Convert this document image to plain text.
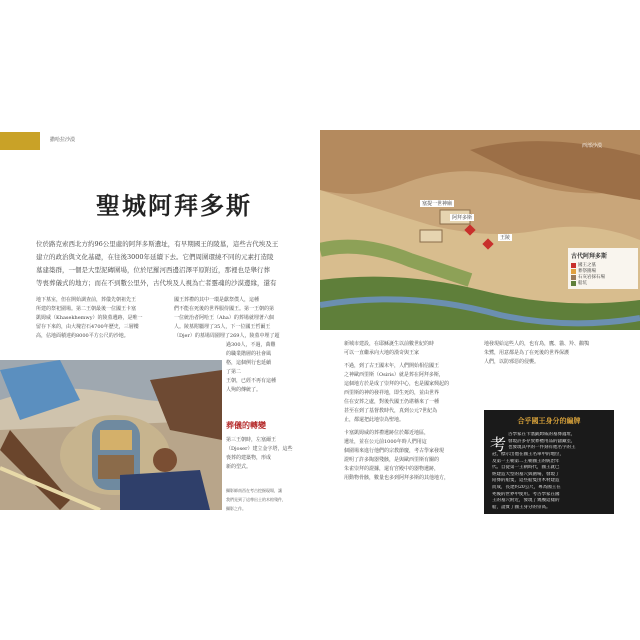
撒哈拉沙漠
聖城阿拜多斯
位於路克索西北方約96公里處的阿拜多斯遺址，有早期國王的陵墓，這些古代埃及王
建立的政治與文化基礎，在往後3000年延續下去。它們周圍環繞不同的元素打造陵
墓建築群，一個是大型泥磚圍場，位於尼羅河西邊沼澤平原附近，那裡也是舉行葬
等喪葬儀式的地方；而在不到數公里外，古代埃及人視為亡者靈魂的沙漠邊緣，還有
地下墓室，但在開始調查前，葬儀先朝祖先王
所建的祭祀圍場。第二王朝最後一位國王卡塞
凱姆威（Khasekhemwy）的陵墓遺跡，是唯一
留存下來的，由大塊岩石4700年歷史，三層樓
高，佔地面積達約8000平方公尺的沙地。
國王葬禮的其中一環是獻祭僕人，這種
們不能在死後的世界服侍國王。第一王朝的第
一位統治者阿哈王（Aha）的葬場就埋著六個
人。陵墓附屬埋了35人，下一位國王哲爾王
（Djer）的墓場周圍埋了269人，陵墓中埋了超
過300人，不過，萬難
的職業階層的社會風
格，這個例行也延續
了第二
王朝，已經不再有這種
人殉的傳統了。
葬儀的轉變
第三王朝時，左塞爾王
（Djoser）建立金字塔，這些
喪葬的建築物，形成
新的型式。
攝影師南西在考古挖掘現場，讓
我們見到了這尊出土的木棺殘件，
攝影之作。
塞提一世神廟
阿拜多斯
王陵
西部沙漠
古代阿拜多斯
國王之墓
葬祭圍場
石灰岩採石場
船坑
新城市建設，在耶穌誕生以前數世紀的時
可以一直繼承向大地的漢奇與王家
不過，到了古王國末年，人們開始相信國王
之神歐西里斯（Osiris）就是葬在阿拜多斯，
這個地方於是成了崇拜的中心，也是國家興起的
西里斯的神的發祥地，即生死的，並由世界
住在安葬之處，對後代國王仍堪稱來了一種
甚至在到了基督教時代，真到公元7世紀為
止，都還把此地崇為聖地。
卡塞凱姆威的葬禮遺跡位於鄰近地區，
遺址，並在公元前1000年時人們用這
個圍場來進行他們的宗教節慶，考古學家發現
證明了許多陶器殘骸，是與歐西里斯有關的
朱雀崇拜的證據，還有宮殿中的器物遺跡，
用動物骨骸，數量也多到阿拜多斯的其他地方，
地發現給這些人的，也有鳥，鷹、貓、羚、鸛鶚
朱鷺，用意都是為了在死後的世界保護
人們，以防邪惡的侵襲。
合乎國王身分的編牌
考
古學家在卡塞凱姆威的墓葬遺址，
發現許多存放葬禮用品的儲藏室，
也發現其中的一件刻有他名字的王
冠，標示出他在國王名單中的地位，
及第一王朝第二王朝國王的統治年
代。自從第一王朝時代，國王就已
經建造大型的墓穴與圍場，發現了
陪葬的船隻，這些船隻由木材建造
而成，長達約20公尺，專為國王在
死後的世界中使用。考古學家在國
王的墓穴附近，發現了幾艘這樣的
船，證實了國王身分的崇高。
